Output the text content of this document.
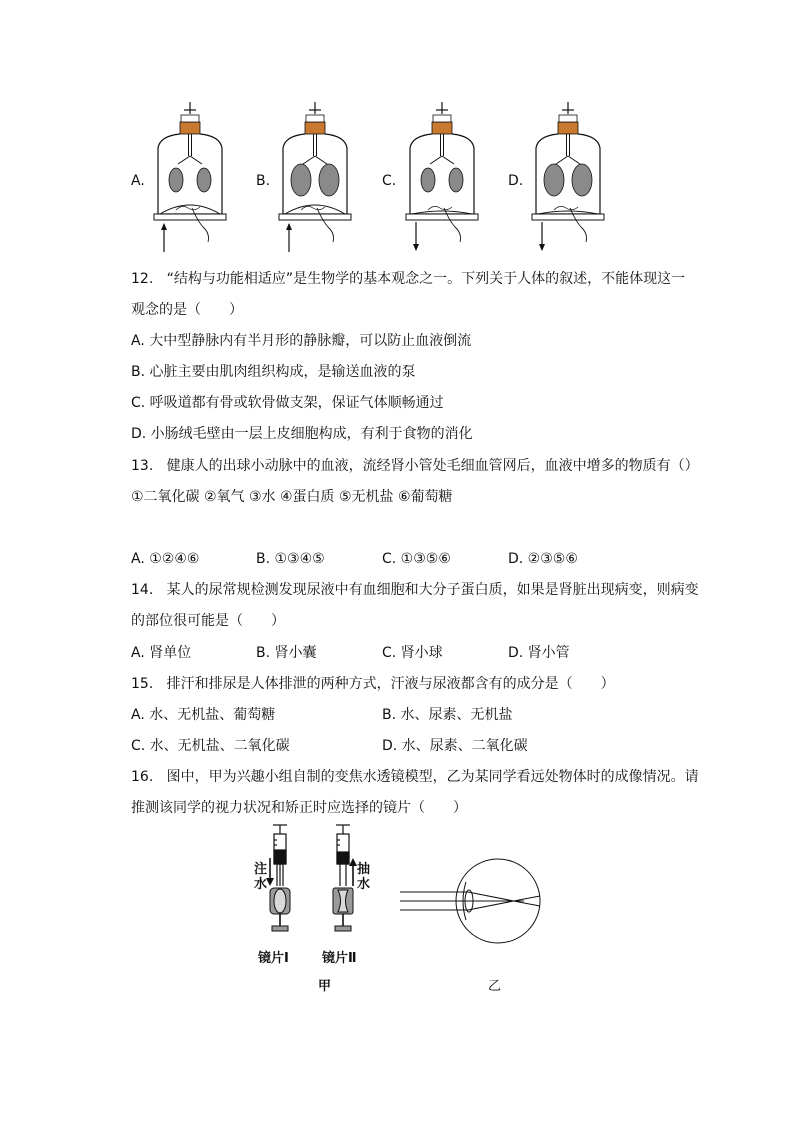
A.	B.	C.	D.
12. “结构与功能相适应”是生物学的基本观念之一。下列关于人体的叙述，不能体现这一
观念的是（　　）
A. 大中型静脉内有半月形的静脉瓣，可以防止血液倒流
B. 心脏主要由肌肉组织构成，是输送血液的泵
C. 呼吸道都有骨或软骨做支架，保证气体顺畅通过
D. 小肠绒毛壁由一层上皮细胞构成，有利于食物的消化
13. 健康人的出球小动脉中的血液，流经肾小管处毛细血管网后，血液中增多的物质有（）
①二氧化碳 ②氧气 ③水 ④蛋白质 ⑤无机盐 ⑥葡萄糖
A. ①②④⑥	B. ①③④⑤	C. ①③⑤⑥	D. ②③⑤⑥
14. 某人的尿常规检测发现尿液中有血细胞和大分子蛋白质，如果是肾脏出现病变，则病变
的部位很可能是（　　）
A. 肾单位	B. 肾小囊	C. 肾小球	D. 肾小管
15. 排汗和排尿是人体排泄的两种方式，汗液与尿液都含有的成分是（　　）
A. 水、无机盐、葡萄糖	B. 水、尿素、无机盐
C. 水、无机盐、二氧化碳	D. 水、尿素、二氧化碳
16. 图中，甲为兴趣小组自制的变焦水透镜模型，乙为某同学看远处物体时的成像情况。请
推测该同学的视力状况和矫正时应选择的镜片（　　）
注水
抽水
镜片Ⅰ	镜片Ⅱ
甲	乙
